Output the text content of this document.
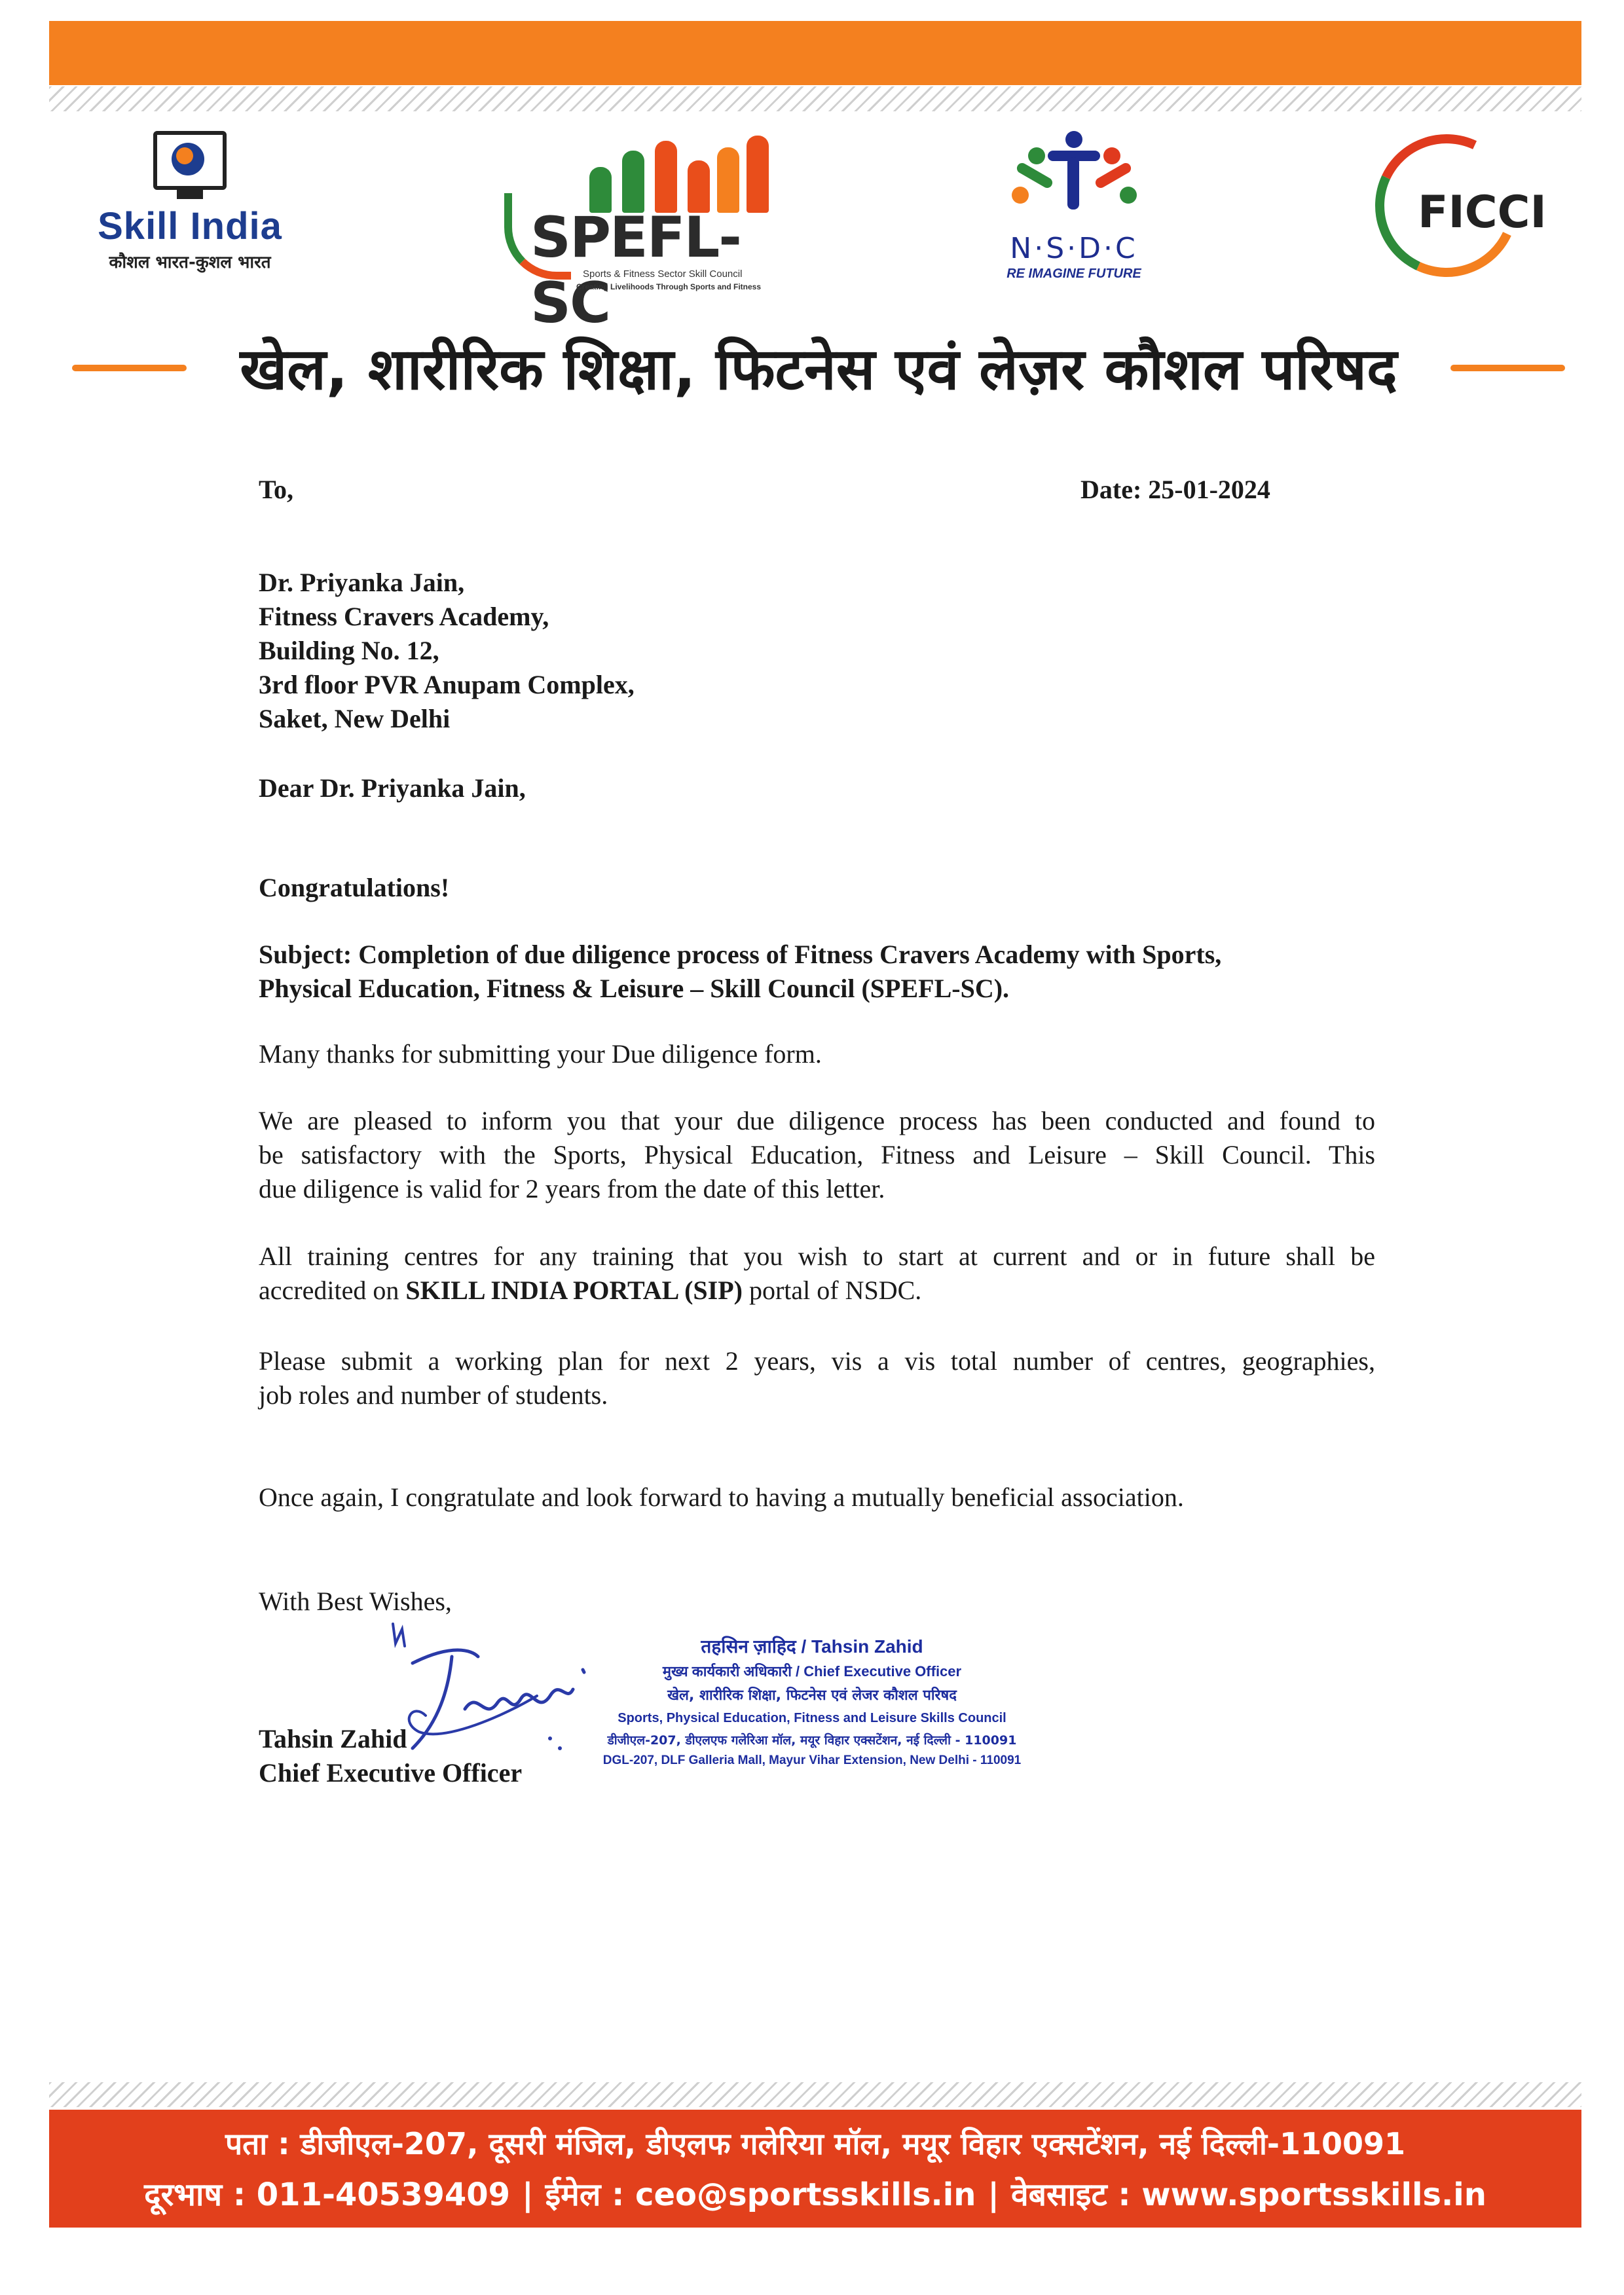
Skill India
कौशल भारत-कुशल भारत	SPEFL-SC
Sports & Fitness Sector Skill Council
Creating Livelihoods Through Sports and Fitness
N·S·D·C
RE IMAGINE FUTURE
FICCI
खेल, शारीरिक शिक्षा, फिटनेस एवं लेज़र कौशल परिषद
To,	Date: 25-01-2024
Dr. Priyanka Jain,
Fitness Cravers Academy,
Building No. 12,
3rd floor PVR Anupam Complex,
Saket, New Delhi
Dear Dr. Priyanka Jain,
Congratulations!
Subject: Completion of due diligence process of Fitness Cravers Academy with Sports,
Physical Education, Fitness & Leisure – Skill Council (SPEFL-SC).
Many thanks for submitting your Due diligence form.
We are pleased to inform you that your due diligence process has been conducted and found to
be satisfactory with the Sports, Physical Education, Fitness and Leisure – Skill Council. This
due diligence is valid for 2 years from the date of this letter.
All training centres for any training that you wish to start at current and or in future shall be
accredited on SKILL INDIA PORTAL (SIP) portal of NSDC.
Please submit a working plan for next 2 years, vis a vis total number of centres, geographies,
job roles and number of students.
Once again, I congratulate and look forward to having a mutually beneficial association.
With Best Wishes,
Tahsin Zahid
Chief Executive Officer
तहसिन ज़ाहिद / Tahsin Zahid
मुख्य कार्यकारी अधिकारी / Chief Executive Officer
खेल, शारीरिक शिक्षा, फिटनेस एवं लेजर कौशल परिषद
Sports, Physical Education, Fitness and Leisure Skills Council
डीजीएल-207, डीएलएफ गलेरिआ मॉल, मयूर विहार एक्सटेंशन, नई दिल्ली - 110091
DGL-207, DLF Galleria Mall, Mayur Vihar Extension, New Delhi - 110091
पता : डीजीएल-207, दूसरी मंजिल, डीएलफ गलेरिया मॉल, मयूर विहार एक्सटेंशन, नई दिल्ली-110091
दूरभाष : 011-40539409 | ईमेल : ceo@sportsskills.in | वेबसाइट : www.sportsskills.in
